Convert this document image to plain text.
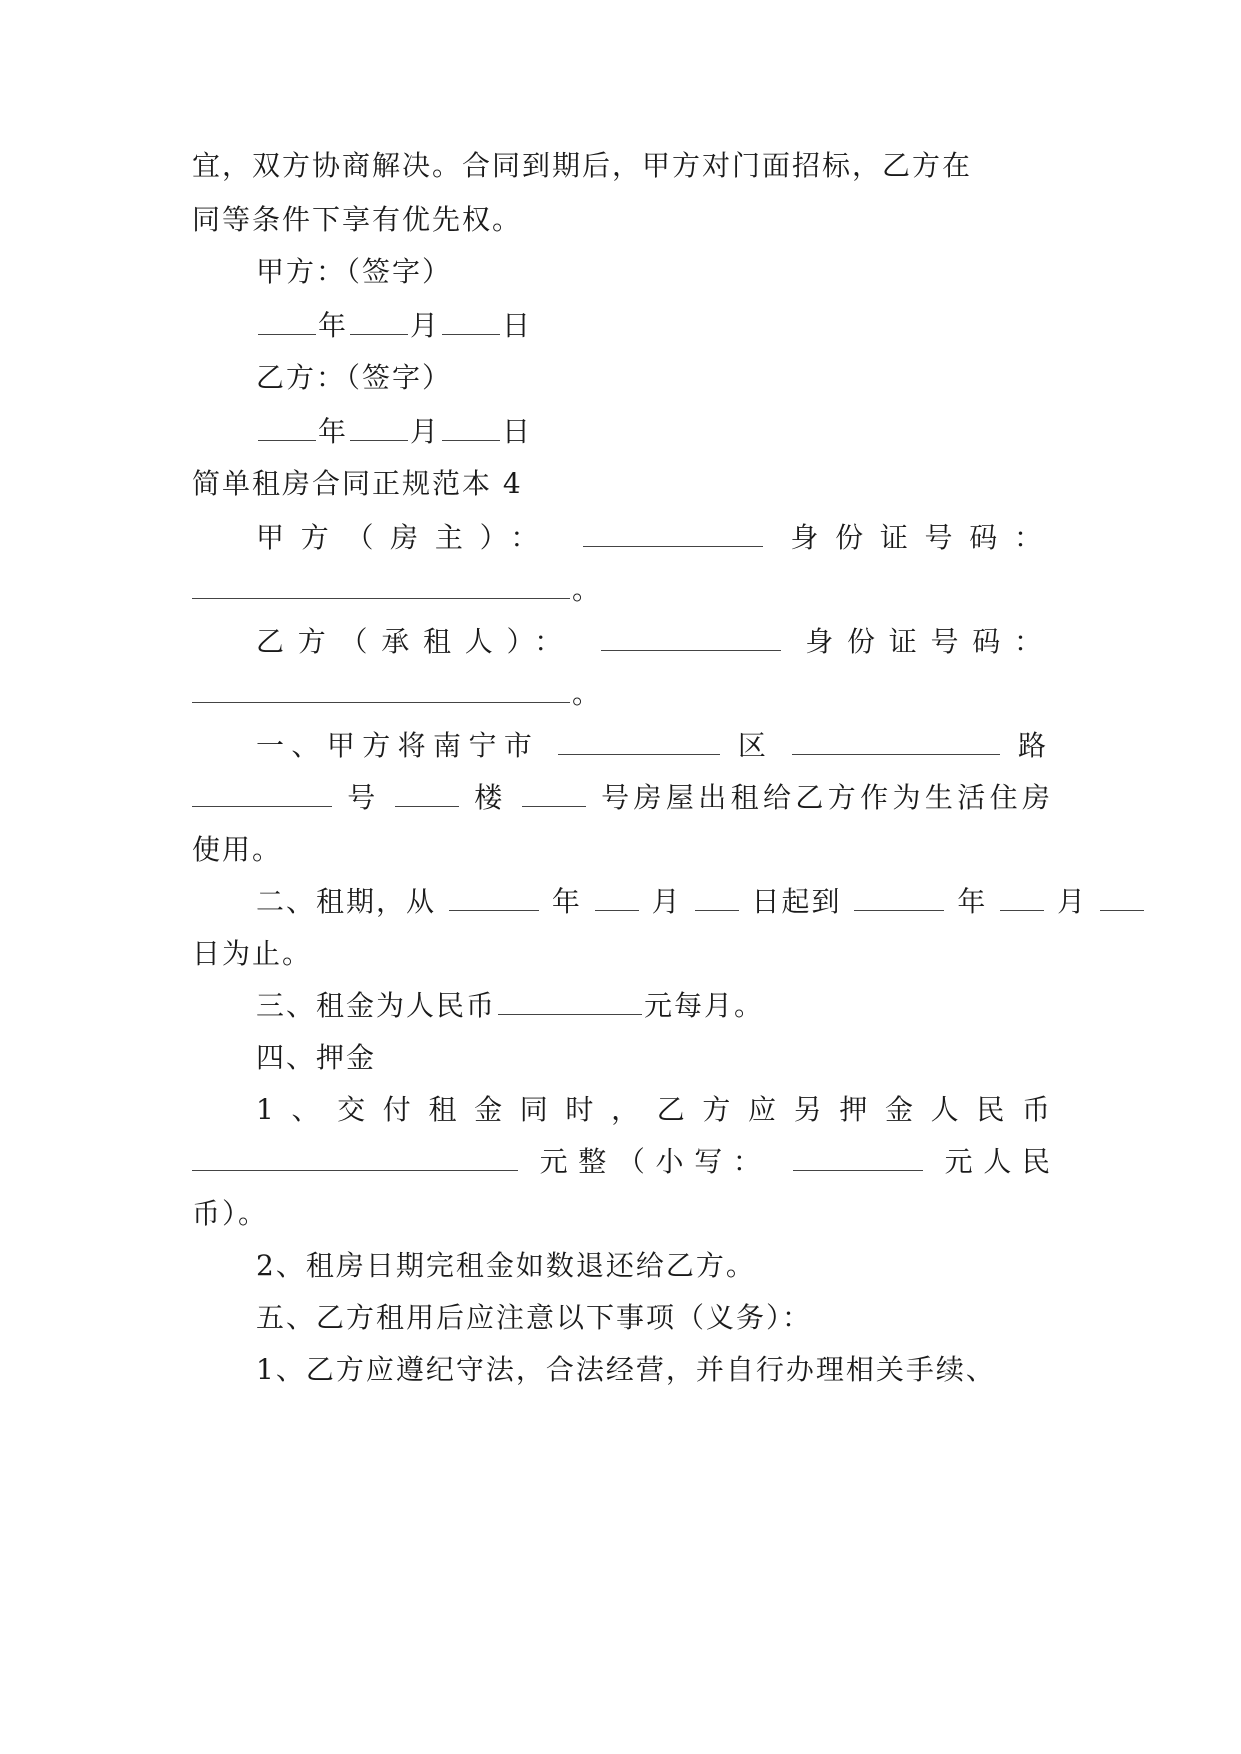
宜，双方协商解决。合同到期后，甲方对门面招标，乙方在
同等条件下享有优先权。
甲方：（签字）
年 月 日
乙方：（签字）
年 月 日
简单租房合同正规范本 4
甲方（房主）：	身份证号码：
。
乙方（承租人）：	身份证号码：
。
一、甲方将南宁市	区	路
号	楼	号房屋出租给乙方作为生活住房
使用。
二、租期，从	年 月 日起到	年 月
日为止。
三、租金为人民币	元每月。
四、押金
1、交付租金同时，乙方应另押金人民币
元整（小写：	元人民
币）。
2、租房日期完租金如数退还给乙方。
五、乙方租用后应注意以下事项（义务）：
1、乙方应遵纪守法，合法经营，并自行办理相关手续、
